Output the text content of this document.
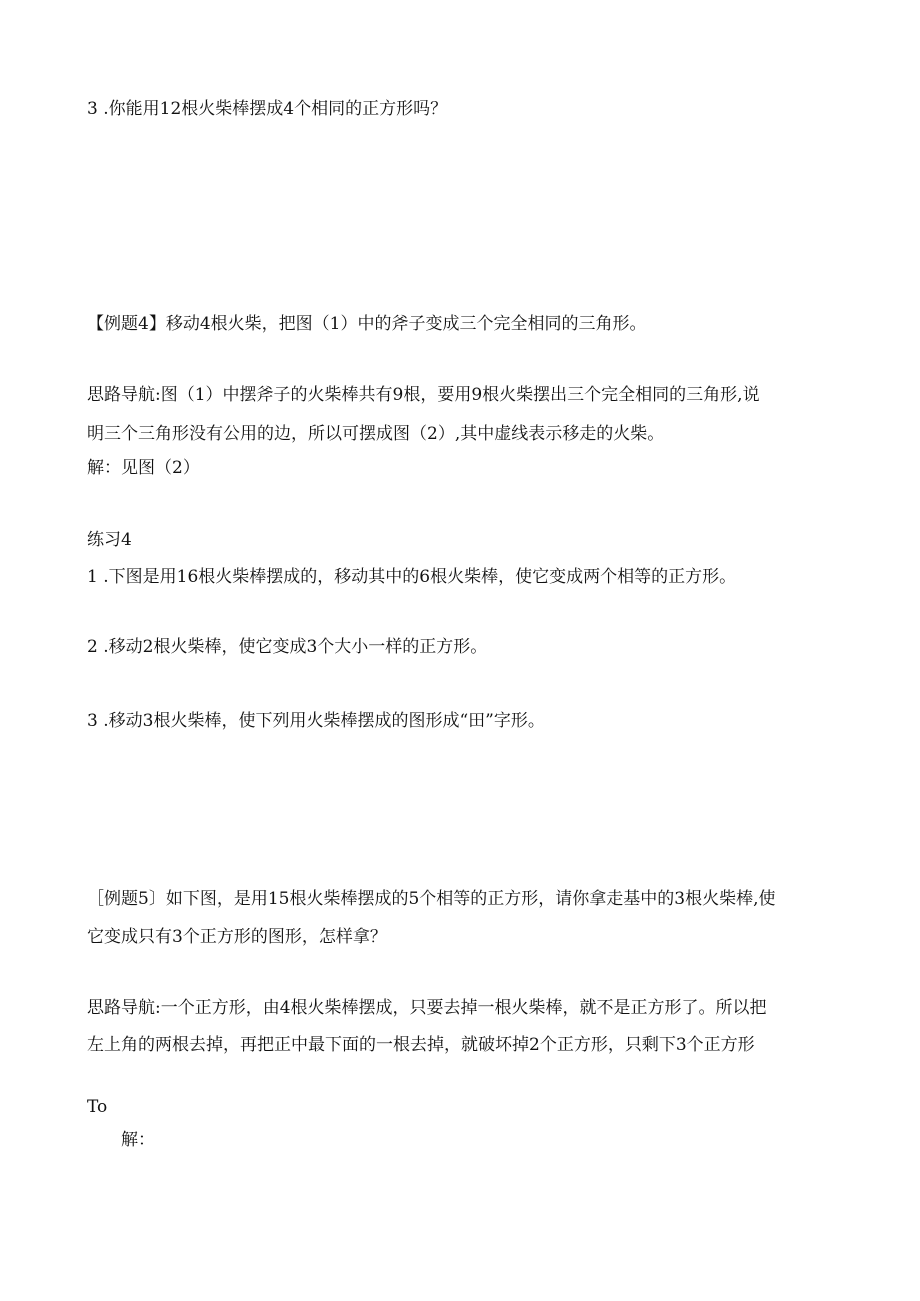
3 .你能用12根火柴棒摆成4个相同的正方形吗？
【例题4】移动4根火柴，把图（1）中的斧子变成三个完全相同的三角形。
思路导航:图（1）中摆斧子的火柴棒共有9根，要用9根火柴摆出三个完全相同的三角形,说
明三个三角形没有公用的边，所以可摆成图（2）,其中虚线表示移走的火柴。
解：见图（2）
练习4
1 .下图是用16根火柴棒摆成的，移动其中的6根火柴棒，使它变成两个相等的正方形。
2 .移动2根火柴棒，使它变成3个大小一样的正方形。
3 .移动3根火柴棒，使下列用火柴棒摆成的图形成“田”字形。
［例题5〕如下图，是用15根火柴棒摆成的5个相等的正方形，请你拿走基中的3根火柴棒,使
它变成只有3个正方形的图形，怎样拿？
思路导航:一个正方形，由4根火柴棒摆成，只要去掉一根火柴棒，就不是正方形了。所以把
左上角的两根去掉，再把正中最下面的一根去掉，就破坏掉2个正方形，只剩下3个正方形
To
解：
